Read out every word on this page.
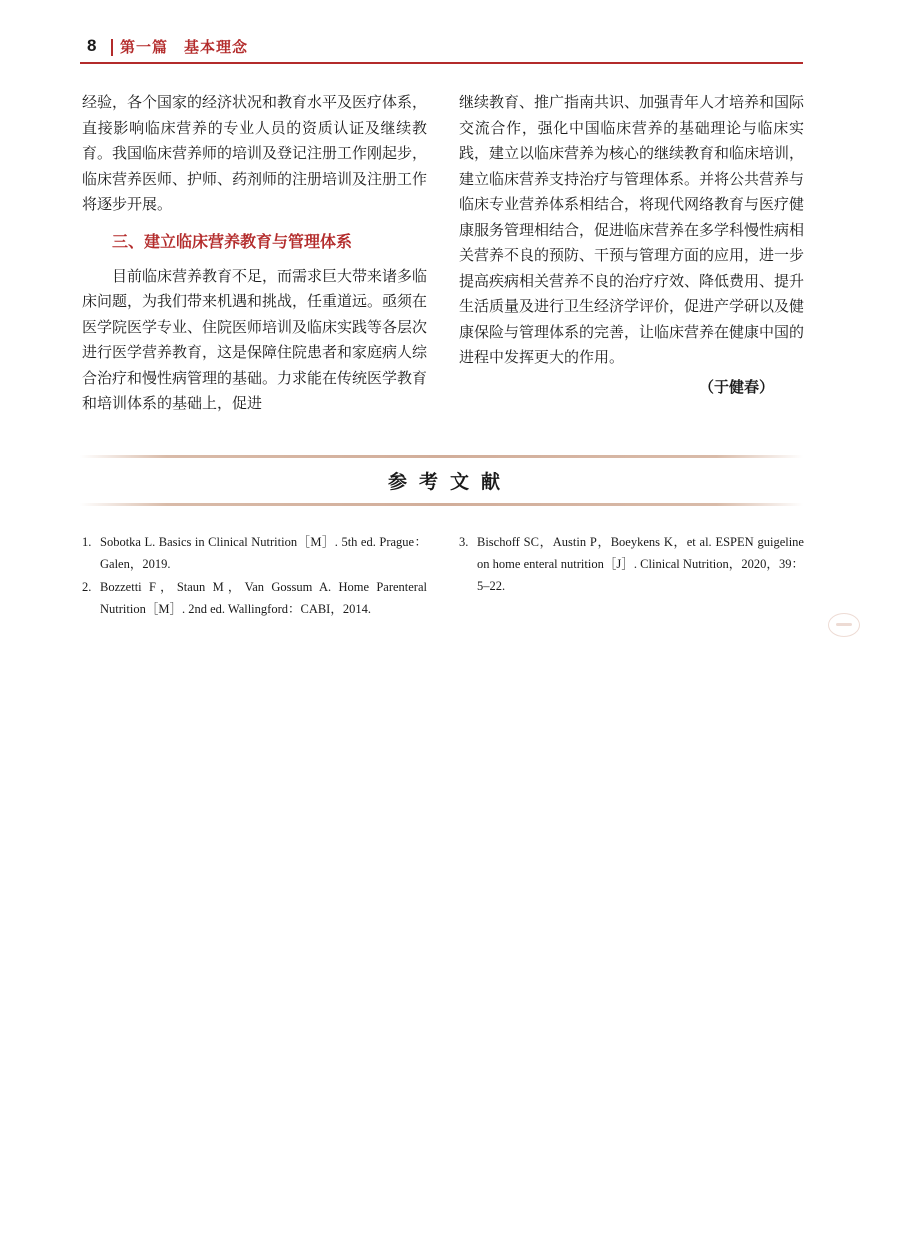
8 第一篇　基本理念

经验，各个国家的经济状况和教育水平及医疗体系，直接影响临床营养的专业人员的资质认证及继续教育。我国临床营养师的培训及登记注册工作刚起步，临床营养医师、护师、药剂师的注册培训及注册工作将逐步开展。

三、建立临床营养教育与管理体系

目前临床营养教育不足，而需求巨大带来诸多临床问题，为我们带来机遇和挑战，任重道远。亟须在医学院医学专业、住院医师培训及临床实践等各层次进行医学营养教育，这是保障住院患者和家庭病人综合治疗和慢性病管理的基础。力求能在传统医学教育和培训体系的基础上，促进

继续教育、推广指南共识、加强青年人才培养和国际交流合作，强化中国临床营养的基础理论与临床实践，建立以临床营养为核心的继续教育和临床培训，建立临床营养支持治疗与管理体系。并将公共营养与临床专业营养体系相结合，将现代网络教育与医疗健康服务管理相结合，促进临床营养在多学科慢性病相关营养不良的预防、干预与管理方面的应用，进一步提高疾病相关营养不良的治疗疗效、降低费用、提升生活质量及进行卫生经济学评价，促进产学研以及健康保险与管理体系的完善，让临床营养在健康中国的进程中发挥更大的作用。

（于健春）
参考文献
1. Sobotka L. Basics in Clinical Nutrition［M］. 5th ed. Prague：Galen，2019.
2. Bozzetti F，Staun M，Van Gossum A. Home Parenteral Nutrition［M］. 2nd ed. Wallingford：CABI，2014.
3. Bischoff SC，Austin P，Boeykens K，et al. ESPEN guigeline on home enteral nutrition［J］. Clinical Nutrition，2020，39：5–22.
